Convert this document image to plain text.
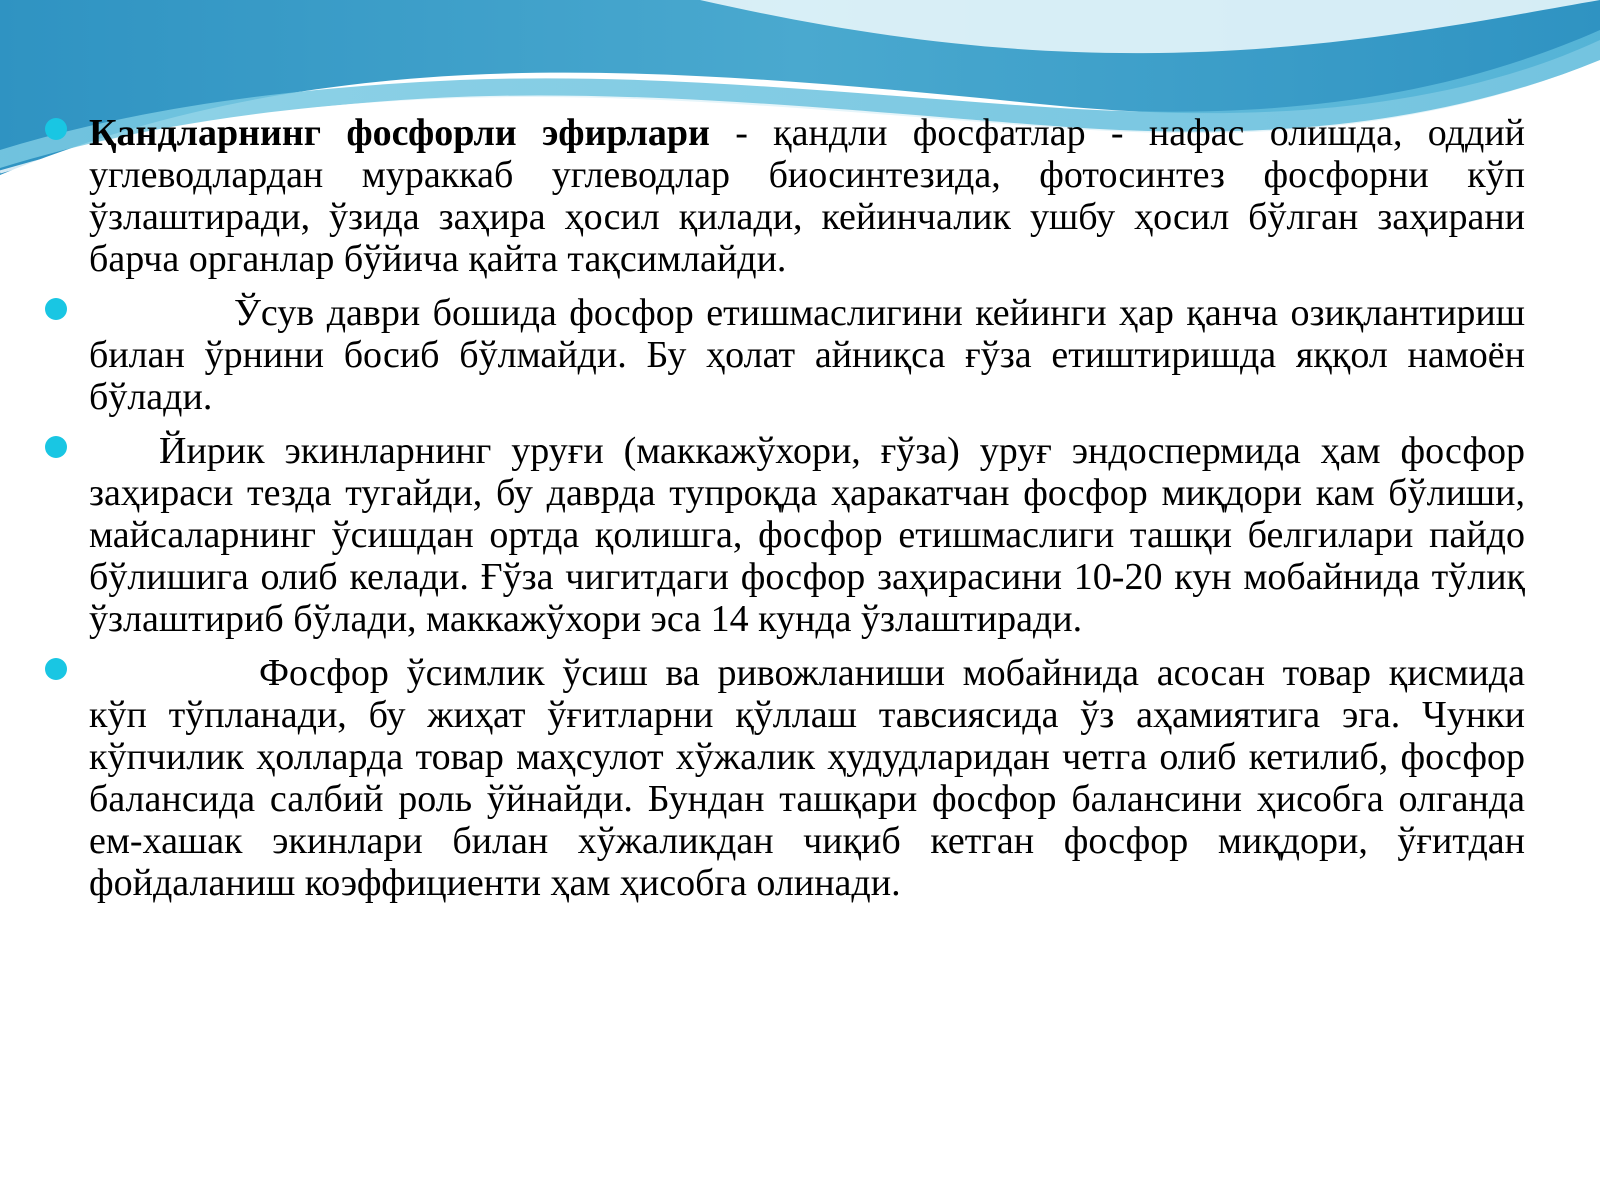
Қандларнинг фосфорли эфирлари - қандли фосфатлар - нафас олишда, оддий углеводлардан мураккаб углеводлар биосинтезида, фотосинтез фосфорни кўп ўзлаштиради, ўзида заҳира ҳосил қилади, кейинчалик ушбу ҳосил бўлган заҳирани барча органлар бўйича қайта тақсимлайди.
Ўсув даври бошида фосфор етишмаслигини кейинги ҳар қанча озиқлантириш билан ўрнини босиб бўлмайди. Бу ҳолат айниқса ғўза етиштиришда яққол намоён бўлади.
Йирик экинларнинг уруғи (маккажўхори, ғўза) уруғ эндоспермида ҳам фосфор заҳираси тезда тугайди, бу даврда тупроқда ҳаракатчан фосфор миқдори кам бўлиши, майсаларнинг ўсишдан ортда қолишга, фосфор етишмаслиги ташқи белгилари пайдо бўлишига олиб келади. Ғўза чигитдаги фосфор заҳирасини 10-20 кун мобайнида тўлиқ ўзлаштириб бўлади, маккажўхори эса 14 кунда ўзлаштиради.
Фосфор ўсимлик ўсиш ва ривожланиши мобайнида асосан товар қисмида кўп тўпланади, бу жиҳат ўғитларни қўллаш тавсиясида ўз аҳамиятига эга. Чунки кўпчилик ҳолларда товар маҳсулот хўжалик ҳудудларидан четга олиб кетилиб, фосфор балансида салбий роль ўйнайди. Бундан ташқари фосфор балансини ҳисобга олганда ем-хашак экинлари билан хўжаликдан чиқиб кетган фосфор миқдори, ўғитдан фойдаланиш коэффициенти ҳам ҳисобга олинади.
